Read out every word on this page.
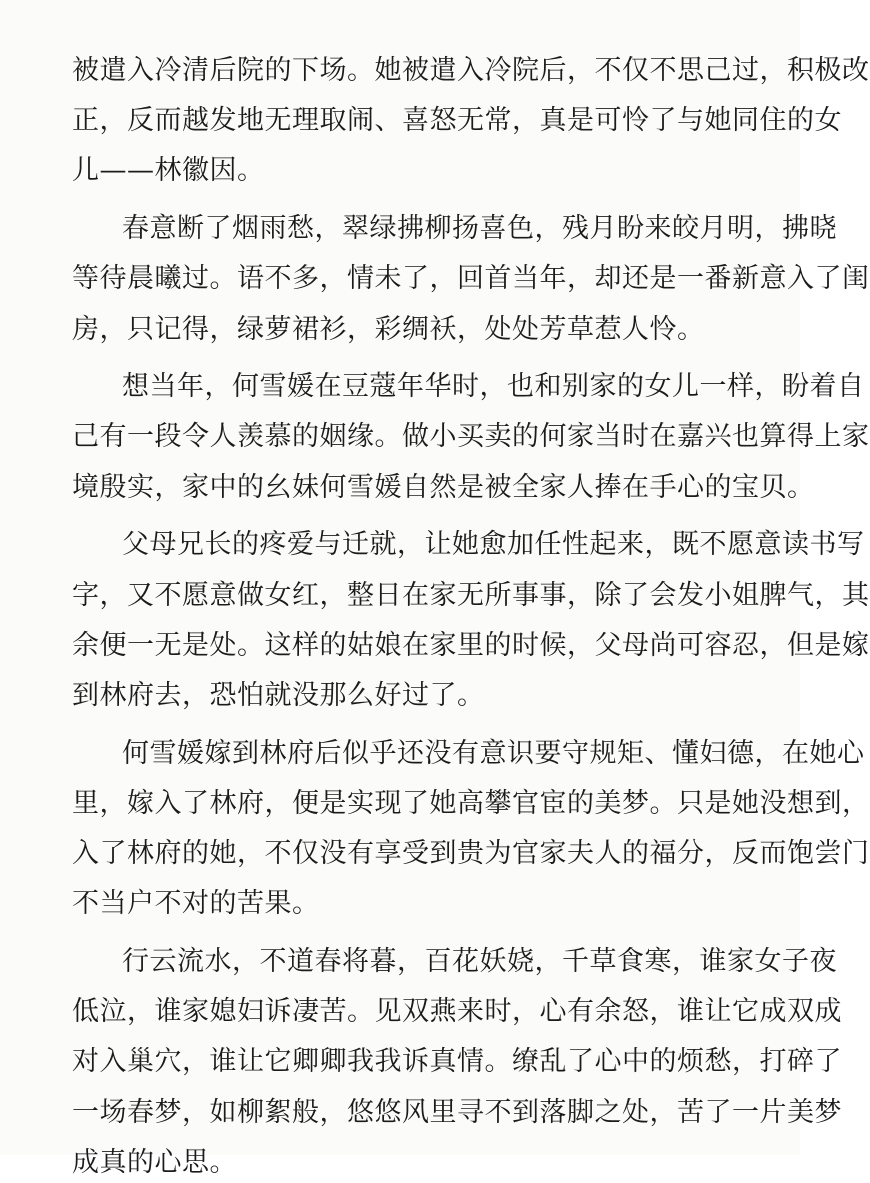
被遣入冷清后院的下场。她被遣入冷院后，不仅不思己过，积极改
正，反而越发地无理取闹、喜怒无常，真是可怜了与她同住的女
儿——林徽因。
春意断了烟雨愁，翠绿拂柳扬喜色，残月盼来皎月明，拂晓
等待晨曦过。语不多，情未了，回首当年，却还是一番新意入了闺
房，只记得，绿萝裙衫，彩绸袄，处处芳草惹人怜。
想当年，何雪媛在豆蔻年华时，也和别家的女儿一样，盼着自
己有一段令人羡慕的姻缘。做小买卖的何家当时在嘉兴也算得上家
境殷实，家中的幺妹何雪媛自然是被全家人捧在手心的宝贝。
父母兄长的疼爱与迁就，让她愈加任性起来，既不愿意读书写
字，又不愿意做女红，整日在家无所事事，除了会发小姐脾气，其
余便一无是处。这样的姑娘在家里的时候，父母尚可容忍，但是嫁
到林府去，恐怕就没那么好过了。
何雪媛嫁到林府后似乎还没有意识要守规矩、懂妇德，在她心
里，嫁入了林府，便是实现了她高攀官宦的美梦。只是她没想到，
入了林府的她，不仅没有享受到贵为官家夫人的福分，反而饱尝门
不当户不对的苦果。
行云流水，不道春将暮，百花妖娆，千草食寒，谁家女子夜
低泣，谁家媳妇诉凄苦。见双燕来时，心有余怒，谁让它成双成
对入巢穴，谁让它卿卿我我诉真情。缭乱了心中的烦愁，打碎了
一场春梦，如柳絮般，悠悠风里寻不到落脚之处，苦了一片美梦
成真的心思。
